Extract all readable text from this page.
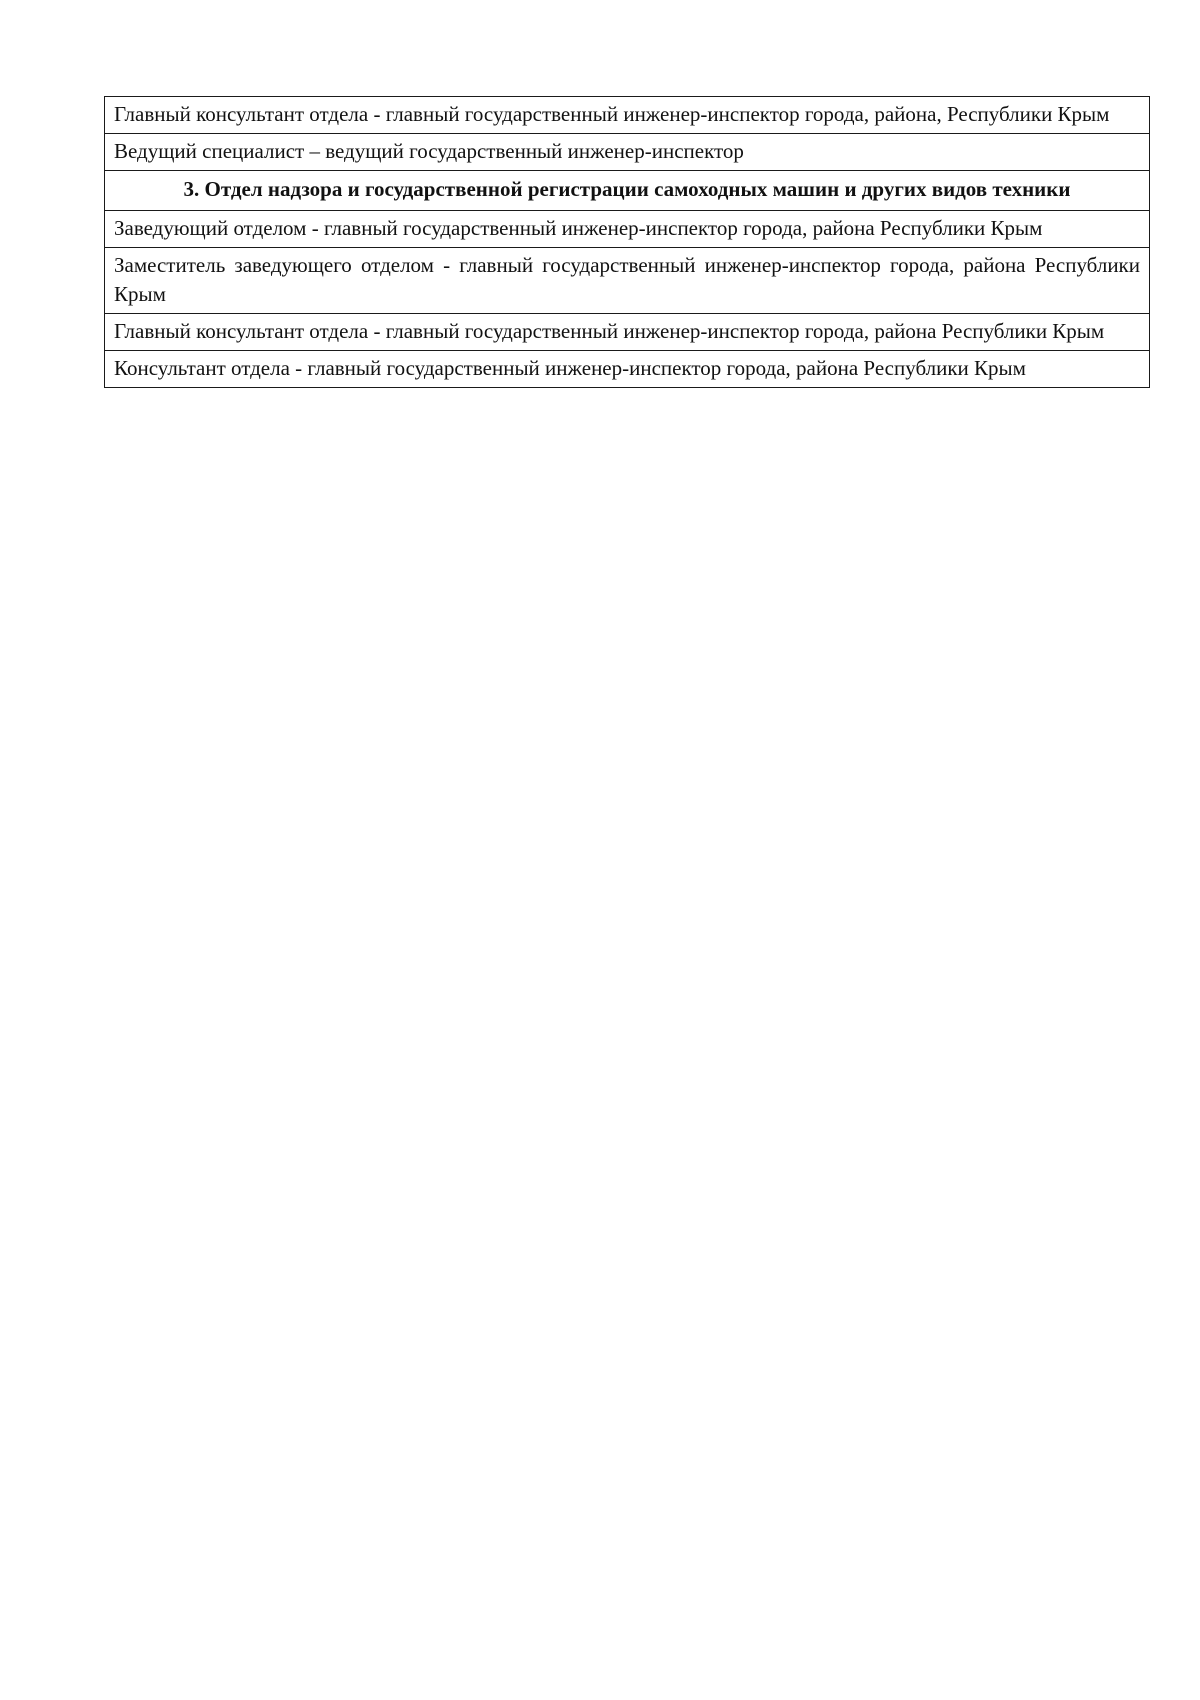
Главный консультант отдела - главный государственный инженер-инспектор города, района, Республики Крым
Ведущий специалист – ведущий государственный инженер-инспектор
3. Отдел надзора и государственной регистрации самоходных машин и других видов техники
Заведующий отделом - главный государственный инженер-инспектор города, района Республики Крым
Заместитель заведующего отделом - главный государственный инженер-инспектор города, района Республики Крым
Главный консультант отдела - главный государственный инженер-инспектор города, района Республики Крым
Консультант отдела - главный государственный инженер-инспектор города, района Республики Крым
